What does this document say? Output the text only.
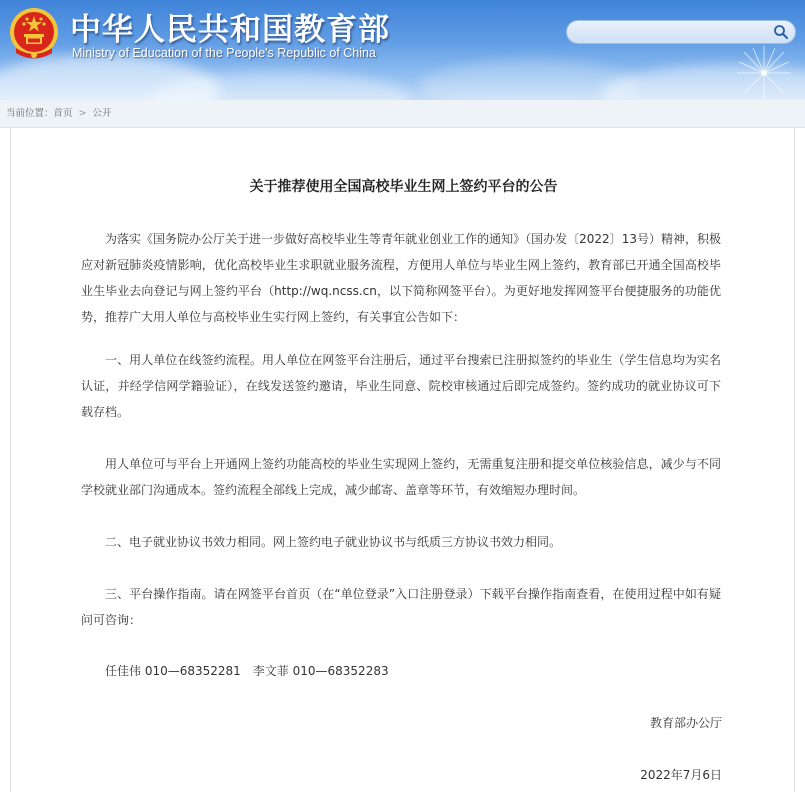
中华人民共和国教育部
Ministry of Education of the People's Republic of China
当前位置：首页 > 公开
关于推荐使用全国高校毕业生网上签约平台的公告

为落实《国务院办公厅关于进一步做好高校毕业生等青年就业创业工作的通知》（国办发〔2022〕13号）精神，积极应对新冠肺炎疫情影响，优化高校毕业生求职就业服务流程，方便用人单位与毕业生网上签约，教育部已开通全国高校毕业生毕业去向登记与网上签约平台（http://wq.ncss.cn，以下简称网签平台）。为更好地发挥网签平台便捷服务的功能优势，推荐广大用人单位与高校毕业生实行网上签约，有关事宜公告如下：

一、用人单位在线签约流程。用人单位在网签平台注册后，通过平台搜索已注册拟签约的毕业生（学生信息均为实名认证，并经学信网学籍验证），在线发送签约邀请，毕业生同意、院校审核通过后即完成签约。签约成功的就业协议可下载存档。

用人单位可与平台上开通网上签约功能高校的毕业生实现网上签约，无需重复注册和提交单位核验信息，减少与不同学校就业部门沟通成本。签约流程全部线上完成，减少邮寄、盖章等环节，有效缩短办理时间。

二、电子就业协议书效力相同。网上签约电子就业协议书与纸质三方协议书效力相同。

三、平台操作指南。请在网签平台首页（在“单位登录”入口注册登录）下载平台操作指南查看，在使用过程中如有疑问可咨询：

任佳伟 010—68352281　李文菲 010—68352283

教育部办公厅
2022年7月6日
